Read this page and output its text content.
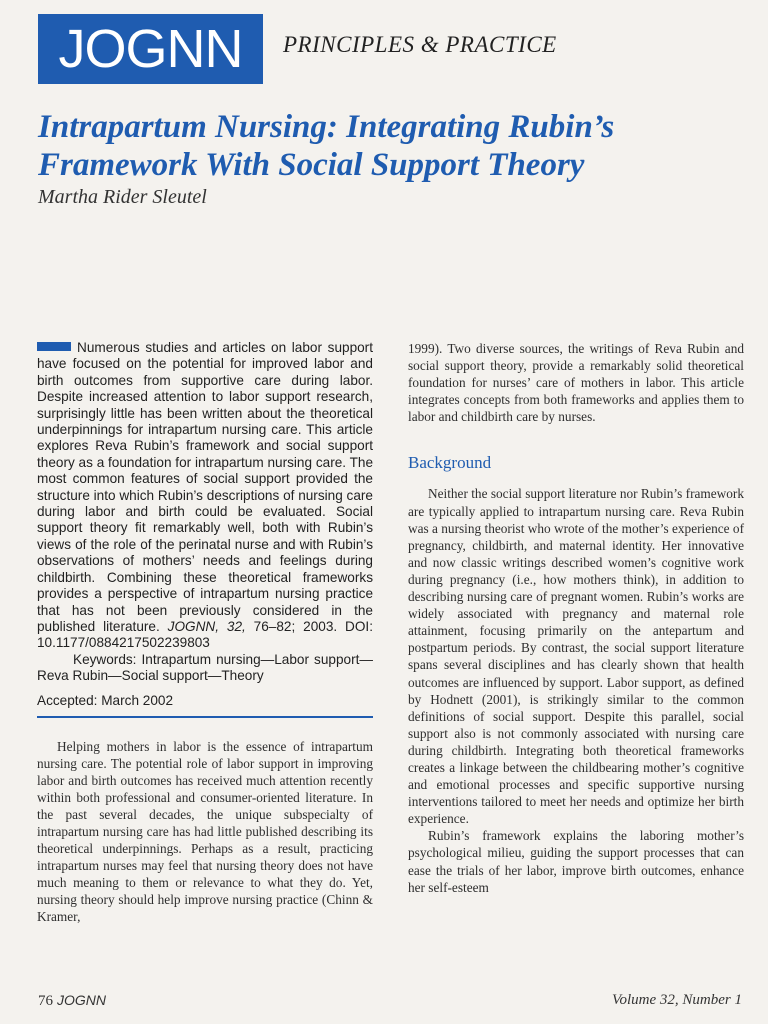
JOGNN	PRINCIPLES & PRACTICE
Intrapartum Nursing: Integrating Rubin’s Framework With Social Support Theory
Martha Rider Sleutel

Numerous studies and articles on labor support have focused on the potential for improved labor and birth outcomes from supportive care during labor. Despite increased attention to labor support research, surprisingly little has been written about the theoretical underpinnings for intrapartum nursing care. This article explores Reva Rubin’s framework and social support theory as a foundation for intrapartum nursing care. The most common features of social support provided the structure into which Rubin’s descriptions of nursing care during labor and birth could be evaluated. Social support theory fit remarkably well, both with Rubin’s views of the role of the perinatal nurse and with Rubin’s observations of mothers’ needs and feelings during childbirth. Combining these theoretical frameworks provides a perspective of intrapartum nursing practice that has not been previously considered in the published literature. JOGNN, 32, 76–82; 2003. DOI: 10.1177/0884217502239803

Keywords: Intrapartum nursing—Labor support—Reva Rubin—Social support—Theory

Accepted: March 2002

Helping mothers in labor is the essence of intrapartum nursing care. The potential role of labor support in improving labor and birth outcomes has received much attention recently within both professional and consumer-oriented literature. In the past several decades, the unique subspecialty of intrapartum nursing care has had little published describing its theoretical underpinnings. Perhaps as a result, practicing intrapartum nurses may feel that nursing theory does not have much meaning to them or relevance to what they do. Yet, nursing theory should help improve nursing practice (Chinn & Kramer,

1999). Two diverse sources, the writings of Reva Rubin and social support theory, provide a remarkably solid theoretical foundation for nurses’ care of mothers in labor. This article integrates concepts from both frameworks and applies them to labor and childbirth care by nurses.

Background

Neither the social support literature nor Rubin’s framework are typically applied to intrapartum nursing care. Reva Rubin was a nursing theorist who wrote of the mother’s experience of pregnancy, childbirth, and maternal identity. Her innovative and now classic writings described women’s cognitive work during pregnancy (i.e., how mothers think), in addition to describing nursing care of pregnant women. Rubin’s works are widely associated with pregnancy and maternal role attainment, focusing primarily on the antepartum and postpartum periods. By contrast, the social support literature spans several disciplines and has clearly shown that health outcomes are influenced by support. Labor support, as defined by Hodnett (2001), is strikingly similar to the common definitions of social support. Despite this parallel, social support also is not commonly associated with nursing care during childbirth. Integrating both theoretical frameworks creates a linkage between the childbearing mother’s cognitive and emotional processes and specific supportive nursing interventions tailored to meet her needs and optimize her birth experience.

Rubin’s framework explains the laboring mother’s psychological milieu, guiding the support processes that can ease the trials of her labor, improve birth outcomes, enhance her self-esteem

76 JOGNN	Volume 32, Number 1
